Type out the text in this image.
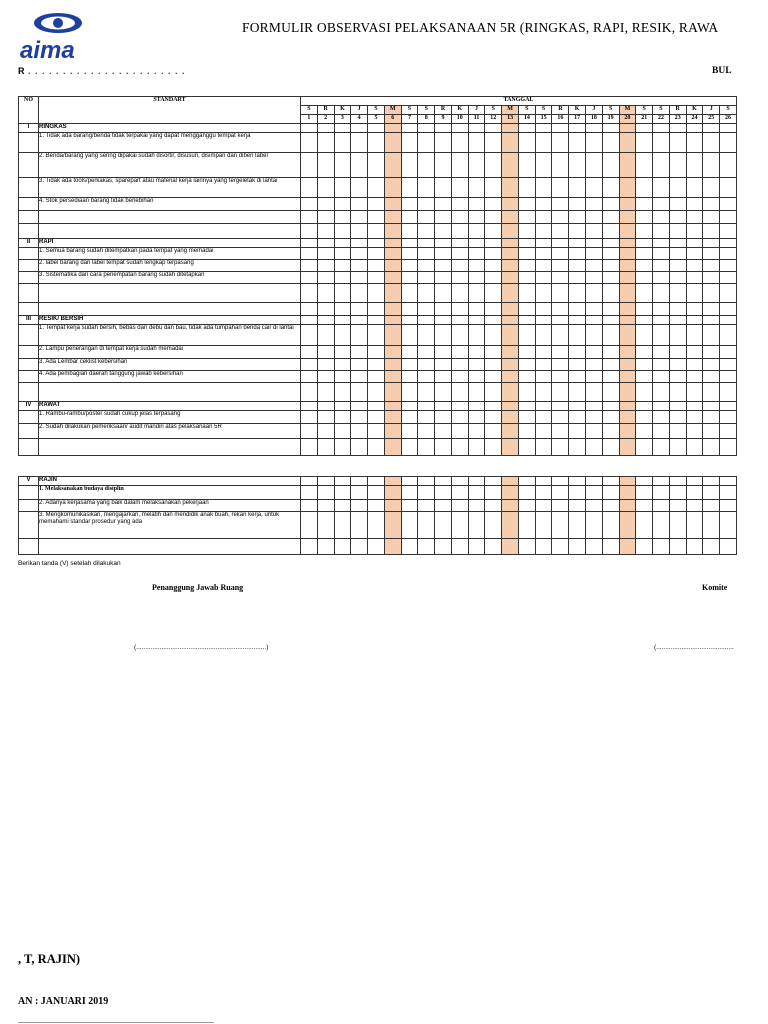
aima
FORMULIR OBSERVASI PELAKSANAAN 5R (RINGKAS, RAPI, RESIK, RAWA
R . . . . . . . . . . . . . . . . . . . . . . .	BUL
NO	STANDART	TANGGAL																									
		S	R	K	J	S	M	S	S	R	K	J	S	M	S	S	R	K	J	S	M	S	S	R	K	J	S
		1	2	3	4	5	6	7	8	9	10	11	12	13	14	15	16	17	18	19	20	21	22	23	24	25	26
I	RINGKAS																										
	1. Tidak ada barang/benda tidak terpakai yang dapat mengganggu tempat kerja																										
	2. Benda/barang yang sering dipakai sudah disortir, disusun, disimpan dan diberi label																										
	3. Tidak ada tools/perkakas, sparepart atau material kerja lainnya yang tergeletak di lantai																										
	4. Stok persediaan barang tidak berlebihan																										

II	RAPI																										
	1. Semua barang sudah ditempatkan pada tempat yang memadai																										
	2. label barang dan label tempat sudah lengkap terpasang																										
	3. Sistematika dan cara penempatan barang sudah ditetapkan																										

III	RESIK/ BERSIH																										
	1. Tempat kerja sudah bersih, bebas dari debu dan bau, tidak ada tumpahan benda cair di lantai																										
	2. Lampu penerangan di tempat kerja sudah memadai																										
	3. Ada Lembar ceklist kebersihan																										
	4. Ada pembagian daerah tanggung jawab kebersihan																										

IV	RAWAT																										
	1. Rambu-rambu/poster sudah cukup jelas terpasang																										
	2. Sudah dilakukan pemeriksaan/ audit mandiri atas pelaksanaan 5R																										

V	RAJIN																										
	1. Melaksanakan budaya disiplin																										
	2. Adanya kerjasama yang baik dalam melaksanakan pekerjaan																										
	3. Mengkomunikasikan, mengajarkan, melatih dan mendidik anak buah, rekan kerja, untuk memahami standar prosedur yang ada																										

Berikan tanda (V) setelah dilakukan
Penanggung Jawab Ruang	Komite
(........................................................................)	(...........................................
, T, RAJIN)
AN : JANUARI 2019
